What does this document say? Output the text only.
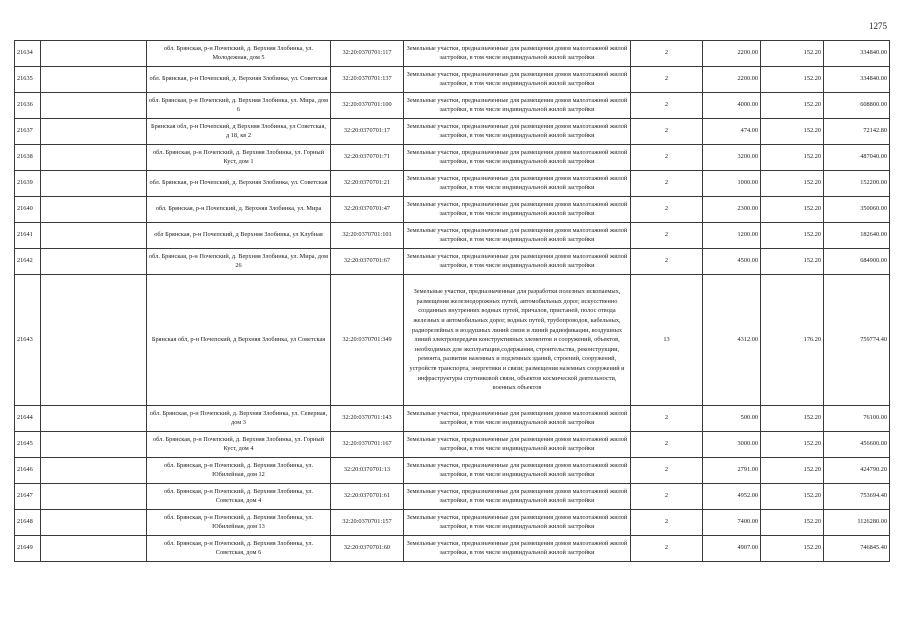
1275
21634		обл. Брянская, р-н Почепский, д. Верхняя Злобинка, ул. Молодежная, дом 5	32:20:0370701:117	Земельные участки, предназначенные для размещения домов малоэтажной жилой застройки, в том числе индивидуальной жилой застройки	2	2200.00	152.20	334840.00
21635		обл. Брянская, р-н Почепский, д. Верхняя Злобинка, ул. Советская	32:20:0370701:137	Земельные участки, предназначенные для размещения домов малоэтажной жилой застройки, в том числе индивидуальной жилой застройки	2	2200.00	152.20	334840.00
21636		обл. Брянская, р-н Почепский, д. Верхняя Злобинка, ул. Мира, дом 6	32:20:0370701:100	Земельные участки, предназначенные для размещения домов малоэтажной жилой застройки, в том числе индивидуальной жилой застройки	2	4000.00	152.20	608800.00
21637		Брянская обл, р-н Почепский, д Верхняя Злобинка, ул Советская, д 18, кв 2	32:20:0370701:17	Земельные участки, предназначенные для размещения домов малоэтажной жилой застройки, в том числе индивидуальной жилой застройки	2	474.00	152.20	72142.80
21638		обл. Брянская, р-н Почепский, д. Верхняя Злобинка, ул. Горный Куст, дом 1	32:20:0370701:71	Земельные участки, предназначенные для размещения домов малоэтажной жилой застройки, в том числе индивидуальной жилой застройки	2	3200.00	152.20	487040.00
21639		обл. Брянская, р-н Почепский, д. Верхняя Злобинка, ул. Советская	32:20:0370701:21	Земельные участки, предназначенные для размещения домов малоэтажной жилой застройки, в том числе индивидуальной жилой застройки	2	1000.00	152.20	152200.00
21640		обл. Брянская, р-н Почепский, д. Верхняя Злобинка, ул. Мира	32:20:0370701:47	Земельные участки, предназначенные для размещения домов малоэтажной жилой застройки, в том числе индивидуальной жилой застройки	2	2300.00	152.20	350060.00
21641		обл Брянская, р-н Почепский, д Верхняя Злобинка, ул Клубная	32:20:0370701:101	Земельные участки, предназначенные для размещения домов малоэтажной жилой застройки, в том числе индивидуальной жилой застройки	2	1200.00	152.20	182640.00
21642		обл. Брянская, р-н Почепский, д. Верхняя Злобинка, ул. Мира, дом 26	32:20:0370701:67	Земельные участки, предназначенные для размещения домов малоэтажной жилой застройки, в том числе индивидуальной жилой застройки	2	4500.00	152.20	684900.00
21643		Брянская обл, р-н Почепский, д Верхняя Злобинка, ул Советская	32:20:0370701:349	Земельные участки, предназначенные для разработки полезных ископаемых, размещения железнодорожных путей, автомобильных дорог, искусственно созданных внутренних водных путей, причалов, пристаней, полос отвода железных и автомобильных дорог, водных путей, трубопроводов, кабельных, радиорелейных и воздушных линий связи и линий радиофикации, воздушных линий электропередачи конструктивных элементов и сооружений, объектов, необходимых для эксплуатации,содержания, строительства, реконструкции, ремонта, развития наземных и подземных зданий, строений, сооружений, устройств транспорта, энергетики и связи; размещения наземных сооружений и инфраструктуры спутниковой связи, объектов космической деятельности, военных объектов	13	4312.00	176.20	759774.40
21644		обл. Брянская, р-н Почепский, д. Верхняя Злобинка, ул. Северная, дом 3	32:20:0370701:143	Земельные участки, предназначенные для размещения домов малоэтажной жилой застройки, в том числе индивидуальной жилой застройки	2	500.00	152.20	76100.00
21645		обл. Брянская, р-н Почепский, д. Верхняя Злобинка, ул. Горный Куст, дом 4	32:20:0370701:167	Земельные участки, предназначенные для размещения домов малоэтажной жилой застройки, в том числе индивидуальной жилой застройки	2	3000.00	152.20	456600.00
21646		обл. Брянская, р-н Почепский, д. Верхняя Злобинка, ул. Юбилейная, дом 12	32:20:0370701:13	Земельные участки, предназначенные для размещения домов малоэтажной жилой застройки, в том числе индивидуальной жилой застройки	2	2791.00	152.20	424790.20
21647		обл. Брянская, р-н Почепский, д. Верхняя Злобинка, ул. Советская, дом 4	32:20:0370701:61	Земельные участки, предназначенные для размещения домов малоэтажной жилой застройки, в том числе индивидуальной жилой застройки	2	4952.00	152.20	753694.40
21648		обл. Брянская, р-н Почепский, д. Верхняя Злобинка, ул. Юбилейная, дом 13	32:20:0370701:157	Земельные участки, предназначенные для размещения домов малоэтажной жилой застройки, в том числе индивидуальной жилой застройки	2	7400.00	152.20	1126280.00
21649		обл. Брянская, р-н Почепский, д. Верхняя Злобинка, ул. Советская, дом 6	32:20:0370701:60	Земельные участки, предназначенные для размещения домов малоэтажной жилой застройки, в том числе индивидуальной жилой застройки	2	4907.00	152.20	746845.40
